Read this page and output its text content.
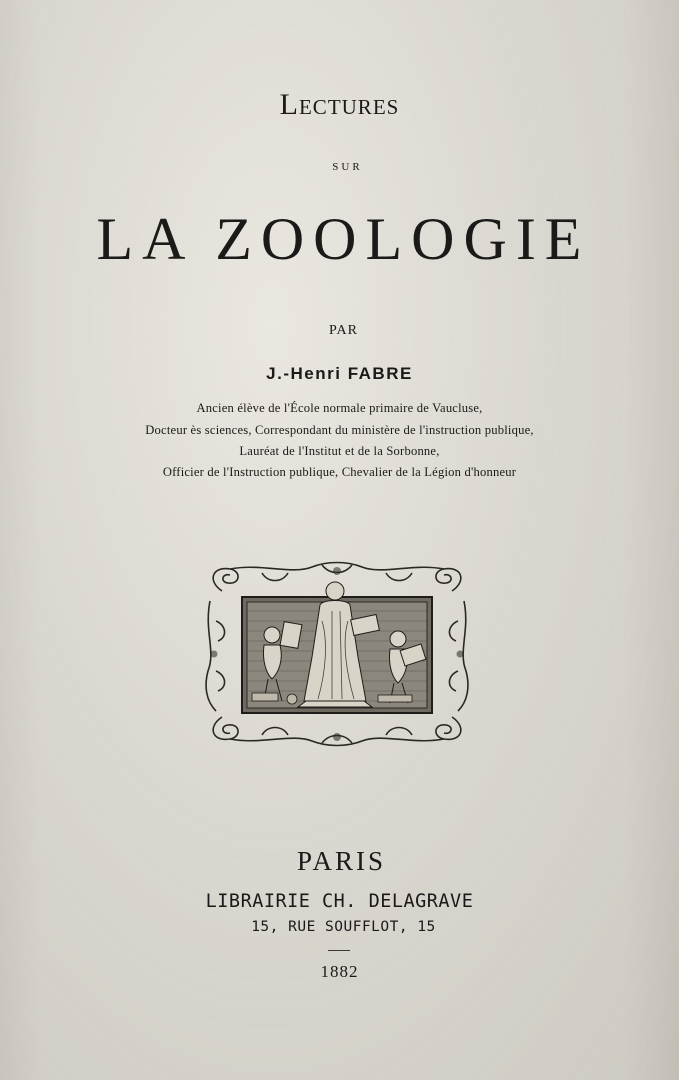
Lectures
sur
LA ZOOLOGIE
PAR
J.-Henri FABRE
Ancien élève de l'École normale primaire de Vaucluse,
Docteur ès sciences, Correspondant du ministère de l'instruction publique,
Lauréat de l'Institut et de la Sorbonne,
Officier de l'Instruction publique, Chevalier de la Légion d'honneur
PARIS
LIBRAIRIE CH. DELAGRAVE
15, RUE SOUFFLOT, 15
1882
